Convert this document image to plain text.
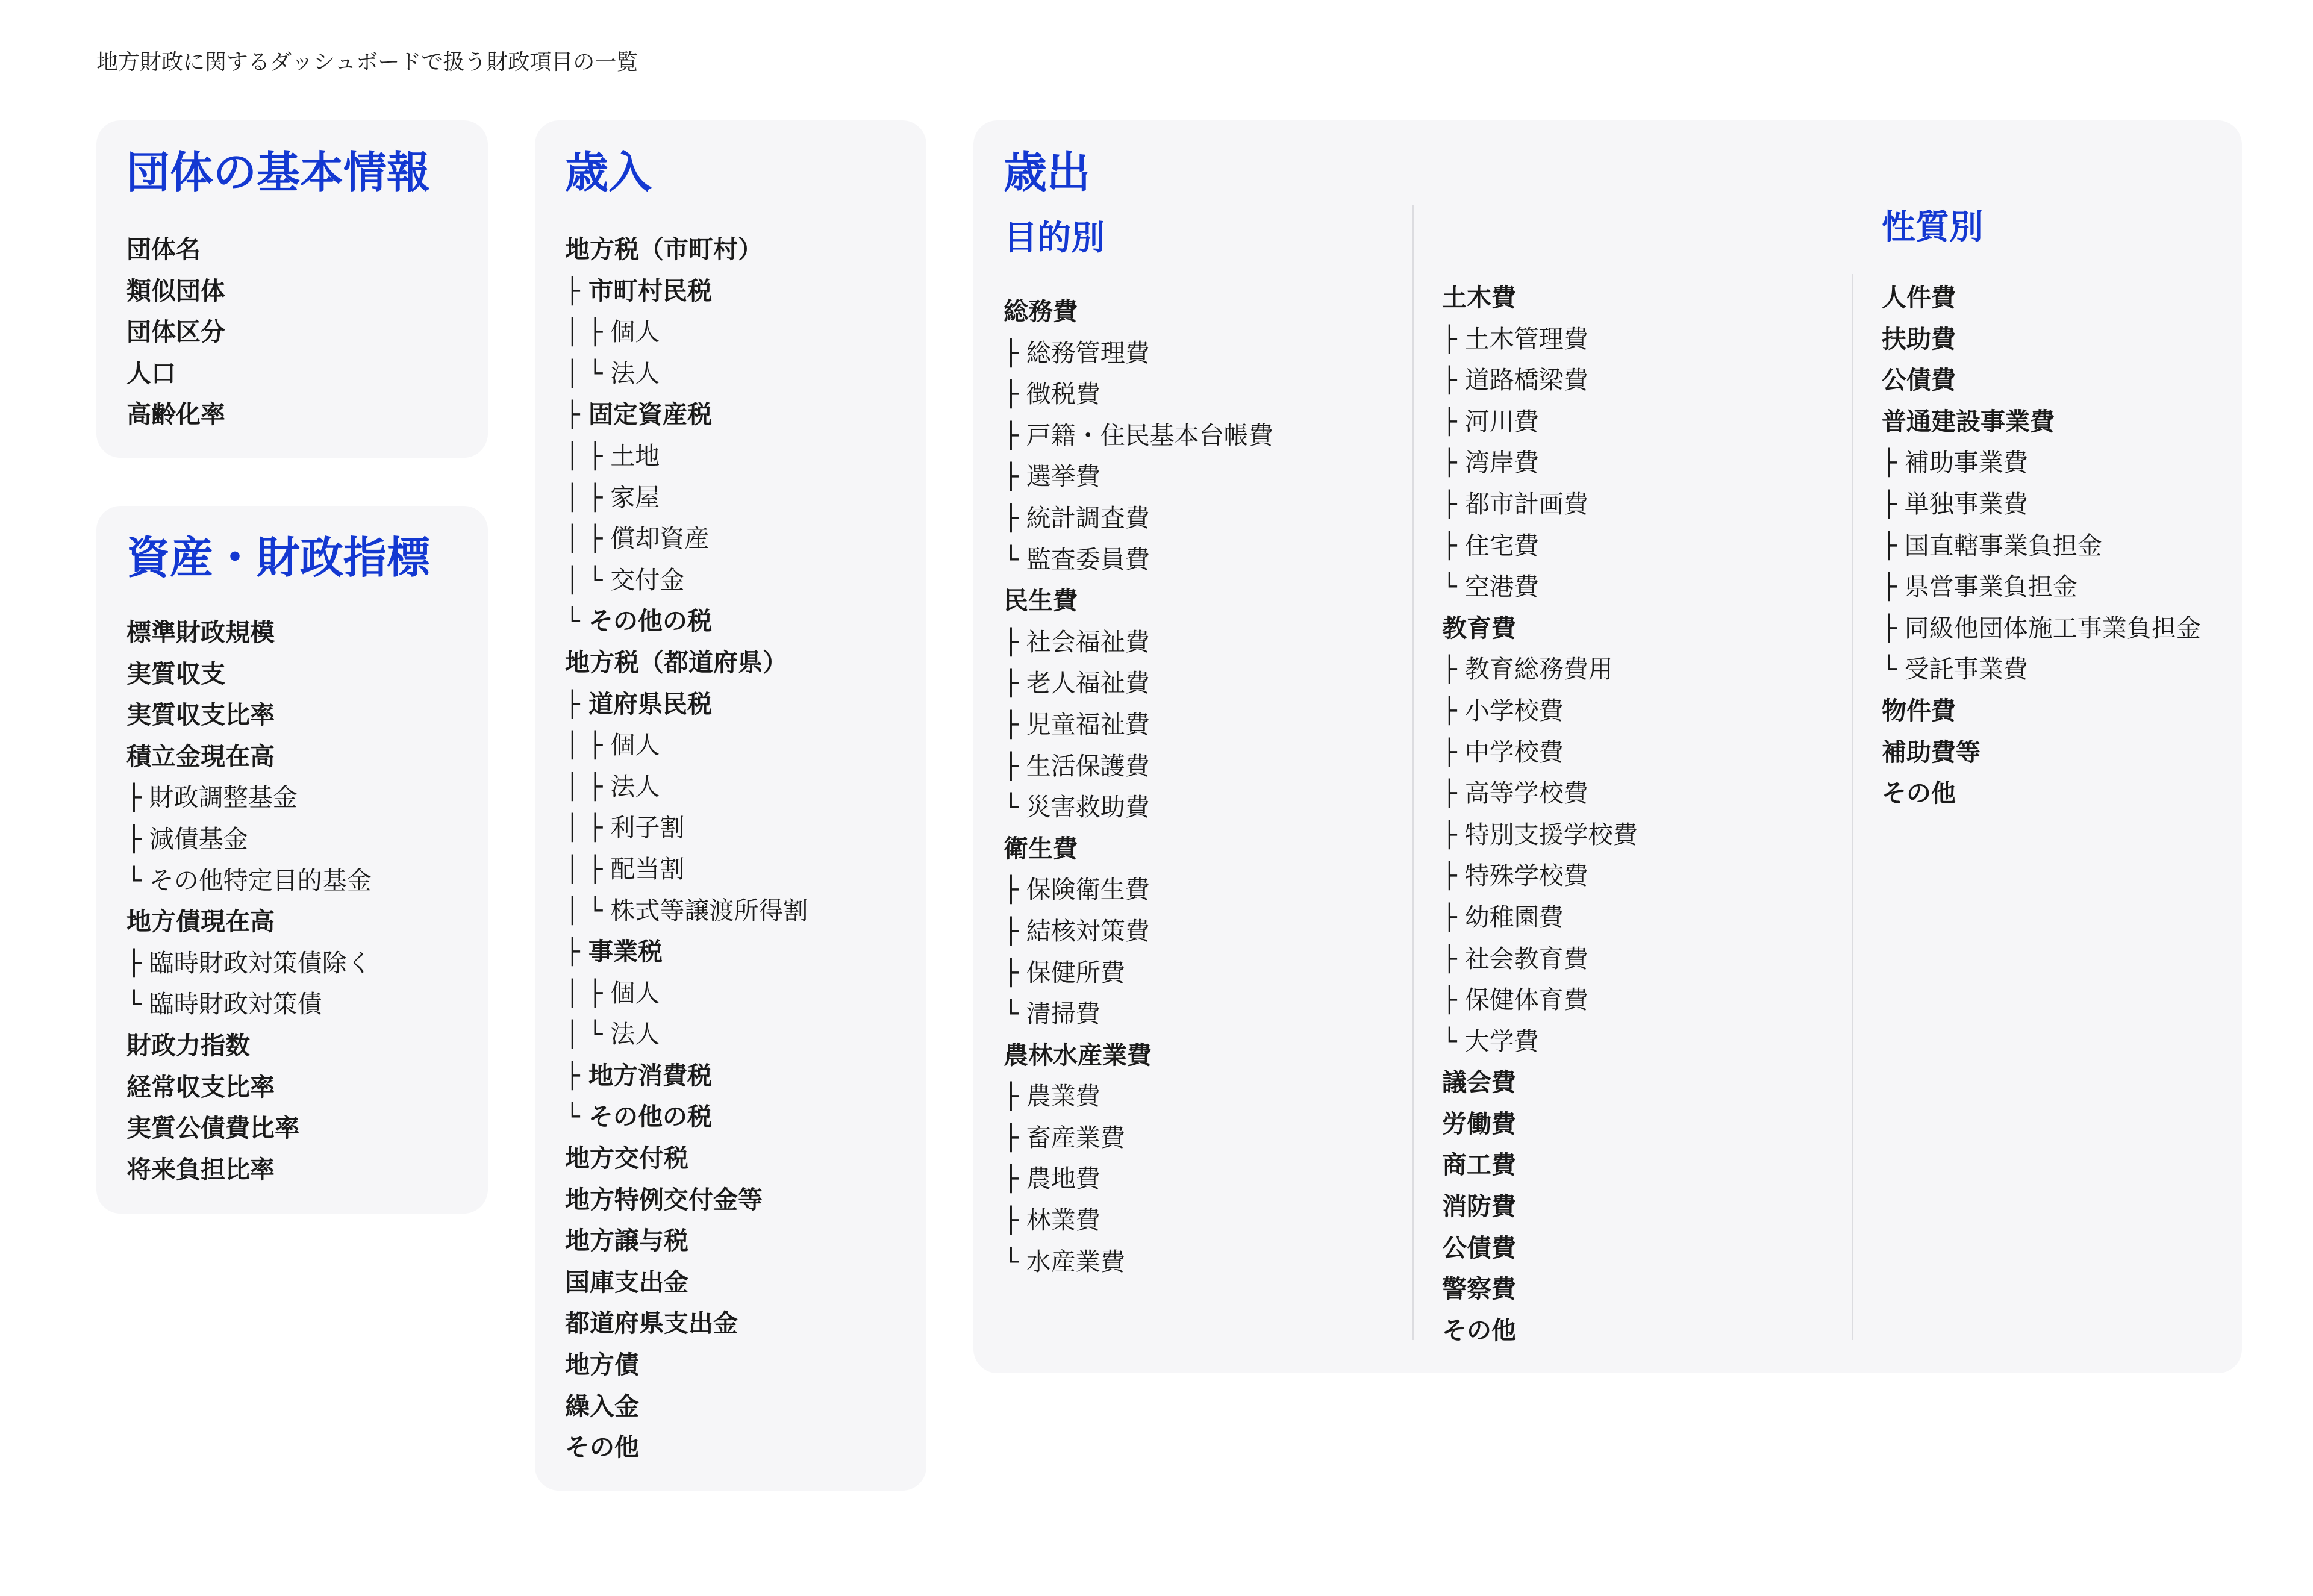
地方財政に関するダッシュボードで扱う財政項目の一覧
団体の基本情報
団体名
類似団体
団体区分
人口
高齢化率
資産・財政指標
標準財政規模
実質収支
実質収支比率
積立金現在高
├ 財政調整基金
├ 減債基金
└ その他特定目的基金
地方債現在高
├ 臨時財政対策債除く
└ 臨時財政対策債
財政力指数
経常収支比率
実質公債費比率
将来負担比率
歳入
地方税（市町村）
├ 市町村民税
│ ├ 個人
│ └ 法人
├ 固定資産税
│ ├ 土地
│ ├ 家屋
│ ├ 償却資産
│ └ 交付金
└ その他の税
地方税（都道府県）
├ 道府県民税
│ ├ 個人
│ ├ 法人
│ ├ 利子割
│ ├ 配当割
│ └ 株式等譲渡所得割
├ 事業税
│ ├ 個人
│ └ 法人
├ 地方消費税
└ その他の税
地方交付税
地方特例交付金等
地方譲与税
国庫支出金
都道府県支出金
地方債
繰入金
その他
歳出
目的別	性質別
総務費
├ 総務管理費
├ 徴税費
├ 戸籍・住民基本台帳費
├ 選挙費
├ 統計調査費
└ 監査委員費
民生費
├ 社会福祉費
├ 老人福祉費
├ 児童福祉費
├ 生活保護費
└ 災害救助費
衛生費
├ 保険衛生費
├ 結核対策費
├ 保健所費
└ 清掃費
農林水産業費
├ 農業費
├ 畜産業費
├ 農地費
├ 林業費
└ 水産業費
土木費
├ 土木管理費
├ 道路橋梁費
├ 河川費
├ 湾岸費
├ 都市計画費
├ 住宅費
└ 空港費
教育費
├ 教育総務費用
├ 小学校費
├ 中学校費
├ 高等学校費
├ 特別支援学校費
├ 特殊学校費
├ 幼稚園費
├ 社会教育費
├ 保健体育費
└ 大学費
議会費
労働費
商工費
消防費
公債費
警察費
その他
人件費
扶助費
公債費
普通建設事業費
├ 補助事業費
├ 単独事業費
├ 国直轄事業負担金
├ 県営事業負担金
├ 同級他団体施工事業負担金
└ 受託事業費
物件費
補助費等
その他
